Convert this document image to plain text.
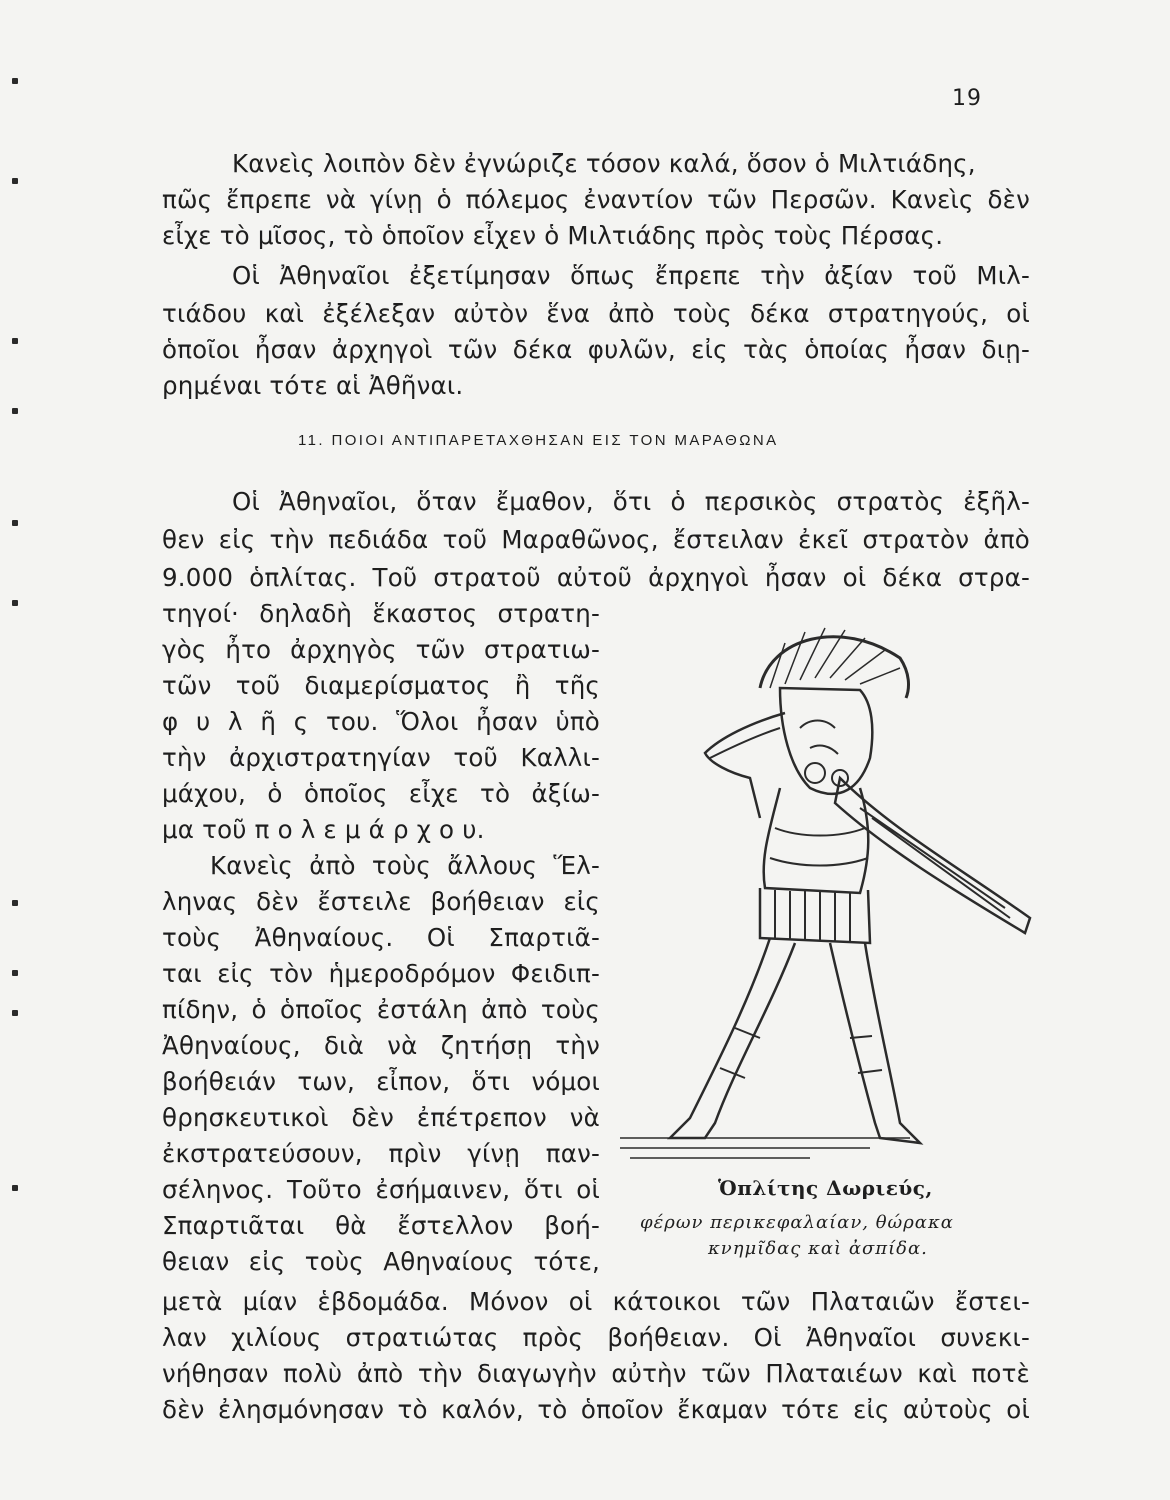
19
Κανεὶς λοιπὸν δὲν ἐγνώριζε τόσον καλά, ὅσον ὁ Μιλτιάδης,
πῶς ἔπρεπε νὰ γίνῃ ὁ πόλεμος ἐναντίον τῶν Περσῶν. Κανεὶς δὲν
εἶχε τὸ μῖσος, τὸ ὁποῖον εἶχεν ὁ Μιλτιάδης πρὸς τοὺς Πέρσας.
Οἱ Ἀθηναῖοι ἐξετίμησαν ὅπως ἔπρεπε τὴν ἀξίαν τοῦ Μιλ-
τιάδου καὶ ἐξέλεξαν αὐτὸν ἕνα ἀπὸ τοὺς δέκα στρατηγούς, οἱ
ὁποῖοι ἦσαν ἀρχηγοὶ τῶν δέκα φυλῶν, εἰς τὰς ὁποίας ἦσαν διῃ-
ρημέναι τότε αἱ Ἀθῆναι.
11. ΠΟΙΟΙ ΑΝΤΙΠΑΡΕΤΑΧΘΗΣΑΝ ΕΙΣ ΤΟΝ ΜΑΡΑΘΩΝΑ
Οἱ Ἀθηναῖοι, ὅταν ἔμαθον, ὅτι ὁ περσικὸς στρατὸς ἐξῆλ-
θεν εἰς τὴν πεδιάδα τοῦ Μαραθῶνος, ἔστειλαν ἐκεῖ στρατὸν ἀπὸ
9.000 ὁπλίτας. Τοῦ στρατοῦ αὐτοῦ ἀρχηγοὶ ἦσαν οἱ δέκα στρα-
τηγοί· δηλαδὴ ἕκαστος στρατη-
γὸς ἦτο ἀρχηγὸς τῶν στρατιω-
τῶν τοῦ διαμερίσματος ἢ τῆς
φ υ λ ῆ ς του. Ὅλοι ἦσαν ὑπὸ
τὴν ἀρχιστρατηγίαν τοῦ Καλλι-
μάχου, ὁ ὁποῖος εἶχε τὸ ἀξίω-
μα τοῦ π ο λ ε μ ά ρ χ ο υ.
Κανεὶς ἀπὸ τοὺς ἄλλους Ἕλ-
ληνας δὲν ἔστειλε βοήθειαν εἰς
τοὺς Ἀθηναίους. Οἱ Σπαρτιᾶ-
ται εἰς τὸν ἡμεροδρόμον Φειδιπ-
πίδην, ὁ ὁποῖος ἐστάλη ἀπὸ τοὺς
Ἀθηναίους, διὰ νὰ ζητήσῃ τὴν
βοήθειάν των, εἶπον, ὅτι νόμοι
θρησκευτικοὶ δὲν ἐπέτρεπον νὰ
ἐκστρατεύσουν, πρὶν γίνῃ παν-
σέληνος. Τοῦτο ἐσήμαινεν, ὅτι οἱ
Σπαρτιᾶται θὰ ἔστελλον βοή-
θειαν εἰς τοὺς Αθηναίους τότε,
μετὰ μίαν ἑβδομάδα. Μόνον οἱ κάτοικοι τῶν Πλαταιῶν ἔστει-
λαν χιλίους στρατιώτας πρὸς βοήθειαν. Οἱ Ἀθηναῖοι συνεκι-
νήθησαν πολὺ ἀπὸ τὴν διαγωγὴν αὐτὴν τῶν Πλαταιέων καὶ ποτὲ
δὲν ἐλησμόνησαν τὸ καλόν, τὸ ὁποῖον ἔκαμαν τότε εἰς αὐτοὺς οἱ
Ὁπλίτης Δωριεύς,
φέρων περικεφαλαίαν, θώρακα
κνημῖδας καὶ ἀσπίδα.
